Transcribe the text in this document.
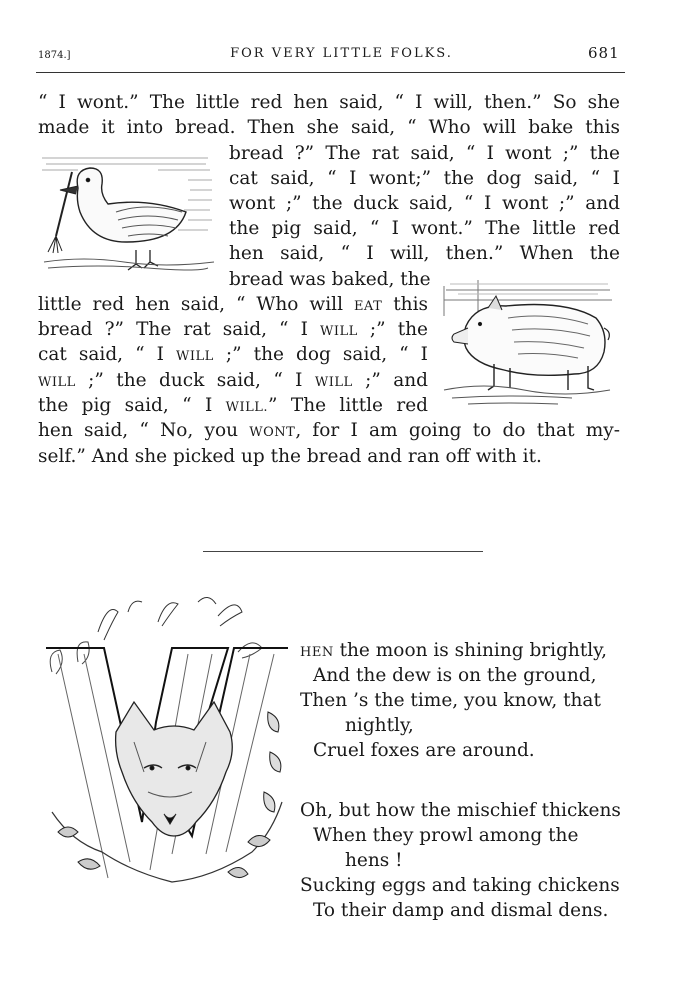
1874.]	FOR VERY LITTLE FOLKS.	681
“ I wont.” The little red hen said, “ I will, then.” So she
made it into bread. Then she said, “ Who will bake this
bread ?” The rat said, “ I wont ;” the
cat said, “ I wont;” the dog said, “ I
wont ;” the duck said, “ I wont ;” and
the pig said, “ I wont.” The little red
hen said, “ I will, then.” When the
bread was baked, the
little red hen said, “ Who will EAT this
bread ?” The rat said, “ I WILL ;” the
cat said, “ I WILL ;” the dog said, “ I
WILL ;” the duck said, “ I WILL ;” and
the pig said, “ I WILL.” The little red
hen said, “ No, you WONT, for I am going to do that my-
self.” And she picked up the bread and ran off with it.
HEN the moon is shining brightly,
And the dew is on the ground,
Then ’s the time, you know, that
nightly,
Cruel foxes are around.
Oh, but how the mischief thickens
When they prowl among the
hens !
Sucking eggs and taking chickens
To their damp and dismal dens.
